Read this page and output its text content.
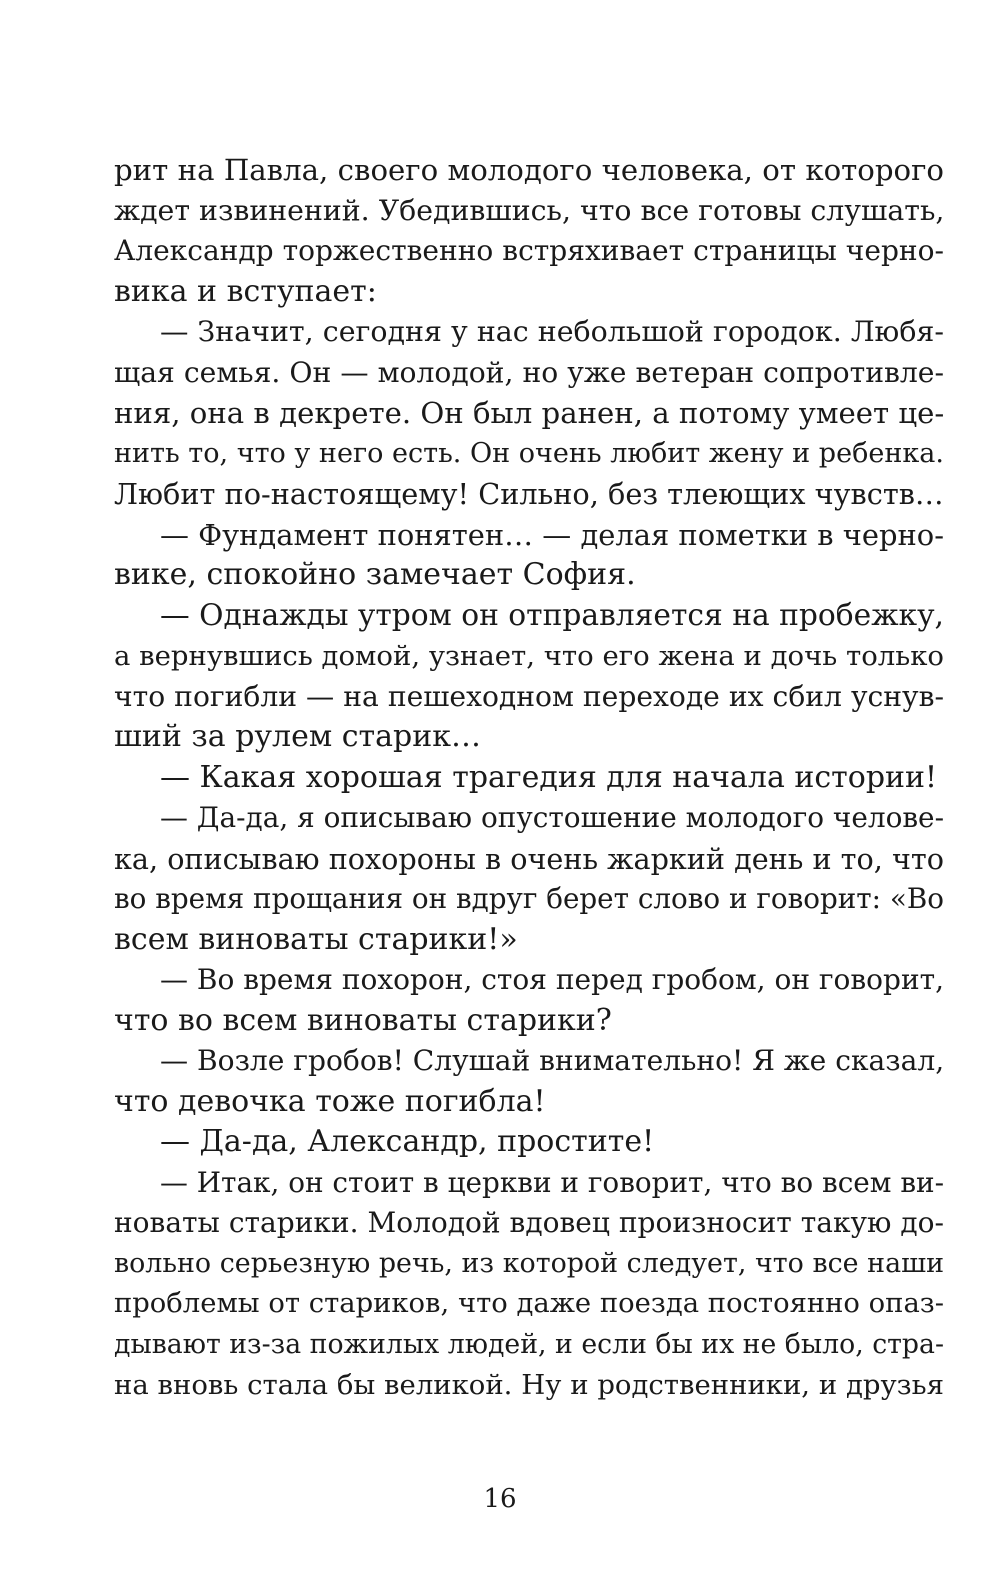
рит на Павла, своего молодого человека, от которого
ждет извинений. Убедившись, что все готовы слушать,
Александр торжественно встряхивает страницы черно-
вика и вступает:
— Значит, сегодня у нас небольшой городок. Любя-
щая семья. Он — молодой, но уже ветеран сопротивле-
ния, она в декрете. Он был ранен, а потому умеет це-
нить то, что у него есть. Он очень любит жену и ребенка.
Любит по-настоящему! Сильно, без тлеющих чувств…
— Фундамент понятен… — делая пометки в черно-
вике, спокойно замечает София.
— Однажды утром он отправляется на пробежку,
а вернувшись домой, узнает, что его жена и дочь только
что погибли — на пешеходном переходе их сбил уснув-
ший за рулем старик…
— Какая хорошая трагедия для начала истории!
— Да-да, я описываю опустошение молодого челове-
ка, описываю похороны в очень жаркий день и то, что
во время прощания он вдруг берет слово и говорит: «Во
всем виноваты старики!»
— Во время похорон, стоя перед гробом, он говорит,
что во всем виноваты старики?
— Возле гробов! Слушай внимательно! Я же сказал,
что девочка тоже погибла!
— Да-да, Александр, простите!
— Итак, он стоит в церкви и говорит, что во всем ви-
новаты старики. Молодой вдовец произносит такую до-
вольно серьезную речь, из которой следует, что все наши
проблемы от стариков, что даже поезда постоянно опаз-
дывают из-за пожилых людей, и если бы их не было, стра-
на вновь стала бы великой. Ну и родственники, и друзья
16
